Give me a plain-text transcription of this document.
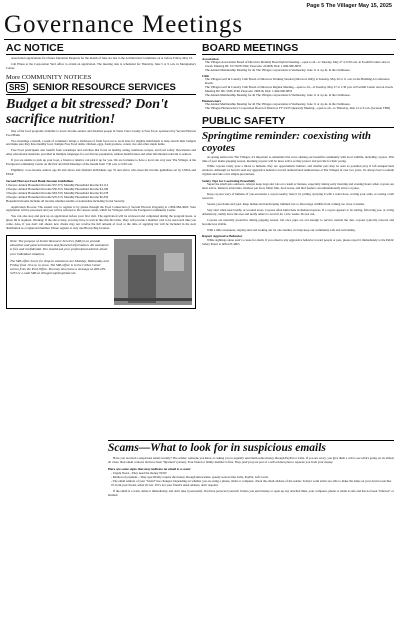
Page 5 The Villager May 15, 2025
Governance Meetings
AC NOTICE

Association applications for Owner Alteration Requests for the month of June are due to the Architectural Committee on or before Friday, May 23.

Call Eliesa at the Corporation Yard office to obtain an application. The meeting date is scheduled for Thursday, June 5 at 9 a.m. in Montgomery Center.

More COMMUNITY NOTICES
SRS SENIOR RESOURCE SERVICES
Budget a bit stressed? Don't sacrifice nutrition!

One of the food programs available to lower income seniors and disabled people in Santa Clara County is Free Food, sponsored by Second Harvest Food Bank.

Two mornings a month, a team of volunteers brings a truckload of fresh food out to local sites for eligible individuals to help stretch their budgets and make sure they have healthy food. Sample Free Food items: chicken, eggs, fresh produce, cereal, rice and other staple items.

Free Food participants also benefit from workshops and activities that focus on healthy eating, nutritious recipes, and food safety. Newsletters and other educational materials, provided in multiple languages for our diverse population, address health issues and other information relevant to seniors.

If you are unable to pick up your food, a friend or relative can pick it up for you. We are fortunate to have a local site very near The Villages at the Evergreen Community Center on the first and third Mondays of the month from 7:30 a.m. to 9:30 a.m.

Eligibility: Low-income seniors age 60 and above and disabled individuals age 55 and above who meet the income guidelines set by USDA and EFAP.

Second Harvest Food Bank Income Guidelines
1 Person: Annual Household Income $37,373; Monthly Household Income $3,114
2 People: Annual Household Income $50,353; Monthly Household Income $4,196
3 People: Annual Household Income $63,333; Monthly Household Income $5,278
4 People: Annual Household Income $76,313; Monthly Household Income $6,359
Household income includes all income whether taxable or nontaxable including Social Security.

Application Process: The easiest way to register is by phone through the Food Connection (a Second Harvest Program) at 1-800-984-3663. Your registration will be processed and you will be referred to the closest center, which for Villagers will be the Evergreen Community Center.

You can also stop and pick up an application before your first visit. The application will be reviewed and completed during the program hours. A photo ID is required. Warning: If the site is busy, you may have to wait in line this first time. They will provide a member card to be used each time you come. Also, if you don't call ahead, new clients may not receive the full amount of food at the time of applying but will be included in the next distribution as a registered member. Please register at only one Brown Bag location.

Note: The purpose of Senior Resource Services (SRS) is to provide education and general business and financial information. All assistance is free and confidential. You should ask your professional advisor about your individual situation.
The SRS office hours for drop-in assistance are Monday, Wednesday and Friday from 10 a.m. to noon. The SRS office is in the CitSat Center across from the Post Office. You may also leave a message at 408-239-5253 or e-mail SRS at villagesrs@sbcglobal.net.
BOARD MEETINGS
Association
The Villages Association Board of Directors Monthly Board hybrid meeting—open to all—is Tuesday, May 27 at 9:30 a.m. in Foothill Center and on Zoom. Meeting ID: 917 8108 3392; Passcode: 223468; Dial: 1-669-900-6833
The Annual Membership Meeting for all The Villages corporations is Wednesday, June 11 at 4 p.m. in the Clubhouse.
Club
The Villages Golf & Country Club Board of Directors Working Session (Directors Only) is Tuesday, May 20 at 11 a.m. in the Building A Conference Room.
The Villages Golf & Country Club Board of Directors Regular Meeting—open to all—is Tuesday, May 27 at 1:30 p.m. in Foothill Center and on Zoom. Meeting ID: 961 5036 4740; Passcode: 260616; Dial: 1-669-900-6833
The Annual Membership Meeting for all The Villages corporations is Wednesday, June 11 at 4 p.m. in the Clubhouse.
Homeowners
The Annual Membership Meeting for all The Villages corporations is Wednesday, June 11 at 4 p.m. in the Clubhouse.
The Villages Homeowners' Corporation Board of Directors FY 24/25 Quarterly Meeting—open to all—is Thursday, June 12 at 9 a.m. (location TBD)
PUBLIC SAFETY
Springtime reminder: coexisting with coyotes

As spring settles into The Villages, it's important to remember that we're sharing our beautiful community with local wildlife, including coyotes. This time of year marks pupping season, meaning coyotes will be more active as they protect and provide for their young.

While coyotes rarely pose a threat to humans, they are opportunistic hunters, and smaller pets may be seen as potential prey if left unsupervised outdoors. Although we haven't seen any aggressive behavior toward domesticated animals here at The Villages in over two years, it's always best to remain vigilant and take a few simple precautions.

Safety Tips for Coexisting Peacefully

Supervise small pets outdoors. Always keep dogs and cats on a leash or harness, especially during early morning and evening hours when coyotes are most active. Remove attractants. Outdoor pet food, fallen fruit, food waste, and bird feeders can unintentionally attract coyotes.

Keep coyotes wary of humans. If you encounter a coyote nearby, haze it by yelling, spraying it with a water hose, waving your arms, or tossing a ball toward it.

Secure your home and yard. Keep bushes and landscaping trimmed low to discourage wildlife from coming too close to homes.

Stay alert when near brushy or wooded areas. Coyotes often build dens in sheltered spaces. If a coyote appears to be staring, following you, or acting defensively, calmly leave the area and notify others to avoid it for a few weeks. Do not run.

Coyotes are naturally protective during pupping season, but once pups are old enough to survive outside the den, coyotes typically relocate and become less visible.

With a little awareness, staying alert and looking out for one another, we help keep our community safe and welcoming.

Report Aggressive Behavior

While sightings alone aren't a cause for alarm, if you observe any aggressive behavior toward people or pets, please report it immediately to the Public Safety Patrol at 408-223-4665.

Scams—What to look for in suspicious emails

Have you received a suspicious email recently? The sender, someone you know, is asking you to urgently send them some money through PayPal or Zelle. If you are savvy, you give them a call to see what's going on. In almost all cases, their email contacts list have been "hijacked" (stolen). Your friend or family member is fine. They (and you) are part of a self-evident plan to separate you from your money.

Here are some signs that may indicate an email is a scam:
- Urgent Need—They need the money NOW.
- Method of payment—They specifically require the money through untraceable, speedy sources like Zelle, PayPal, Gift Cards.
- The email address of your "friend" has changed. Depending on whether you are using a phone, tablet or computer, check the email address of the sender. Today's scam artists are able to make the name on your device look like it's from your friend, when it's not. If it's not your friend's usual address, don't respond.

If the email is a scam, delete it immediately, and don't take it personally. You have protected yourself. Unless you send money or open up any attached links, your computer, phone or tablet is safe and has not been "infected" or harmed.
